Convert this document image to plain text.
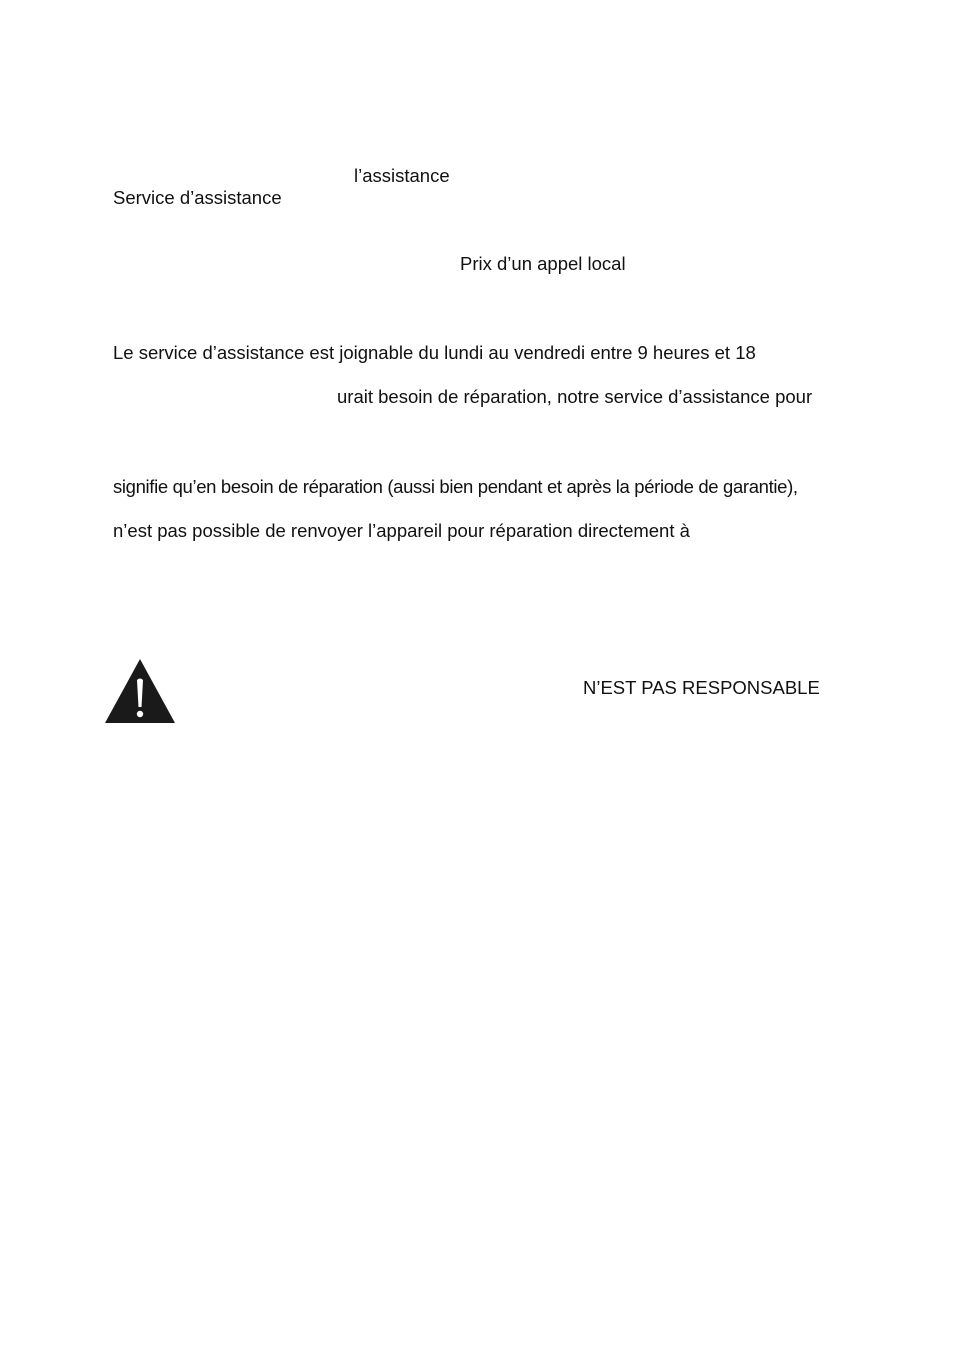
l’assistance
Service d’assistance
Prix d’un appel local
Le service d’assistance est joignable du lundi au vendredi entre 9 heures et 18
urait besoin de réparation, notre service d’assistance pour
signifie qu’en besoin de réparation (aussi bien pendant et après la période de garantie),
n’est pas possible de renvoyer l’appareil pour réparation directement à
N’EST PAS RESPONSABLE
